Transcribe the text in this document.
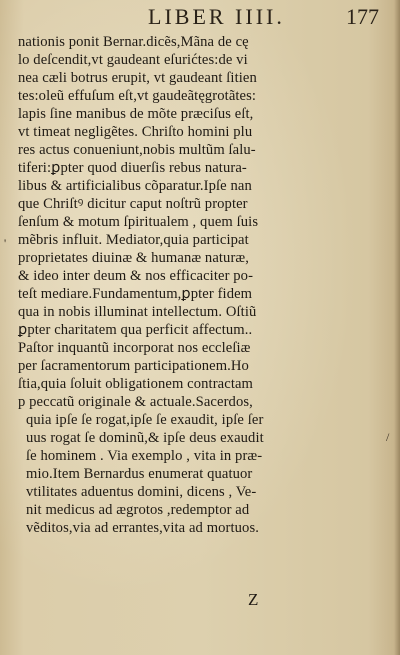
LIBER IIII.	177
nationis ponit Bernar.dicẽs,Mãna de cę
lo deſcendit,vt gaudeant eſurićtes:de vi
nea cæli botrus erupit, vt gaudeant ſitien
tes:oleũ effuſum eſt,vt gaudeãtęgrotãtes:
lapis ſine manibus de mõte præciſus eſt,
vt timeat negligẽtes. Chriſto homini plu
res actus conueniunt,nobis multũm ſalu-
tiferi:ꝑpter quod diuerſis rebus natura-
libus & artificialibus cõparatur.Ipſe nan
que Chriſtꝰ dicitur caput noſtrũ propter
ſenſum & motum ſpiritualem , quem ſuis
mẽbris influit. Mediator,quia participat
proprietates diuinæ & humanæ naturæ,
& ideo inter deum & nos efficaciter po-
teſt mediare.Fundamentum,ꝑpter fidem
qua in nobis illuminat intellectum. Oſtiũ
ꝑpter charitatem qua perficit affectum..
Paſtor inquantũ incorporat nos eccleſiæ
per ſacramentorum participationem.Ho
ſtia,quia ſoluit obligationem contractam
p peccatũ originale & actuale.Sacerdos,
quia ipſe ſe rogat,ipſe ſe exaudit, ipſe ſer
uus rogat ſe dominũ,& ipſe deus exaudit
ſe hominem . Via exemplo , vita in præ-
mio.Item Bernardus enumerat quatuor
vtilitates aduentus domini, dicens , Ve-
nit medicus ad ægrotos ,redemptor ad
vẽditos,via ad errantes,vita ad mortuos.
'
/
Z
